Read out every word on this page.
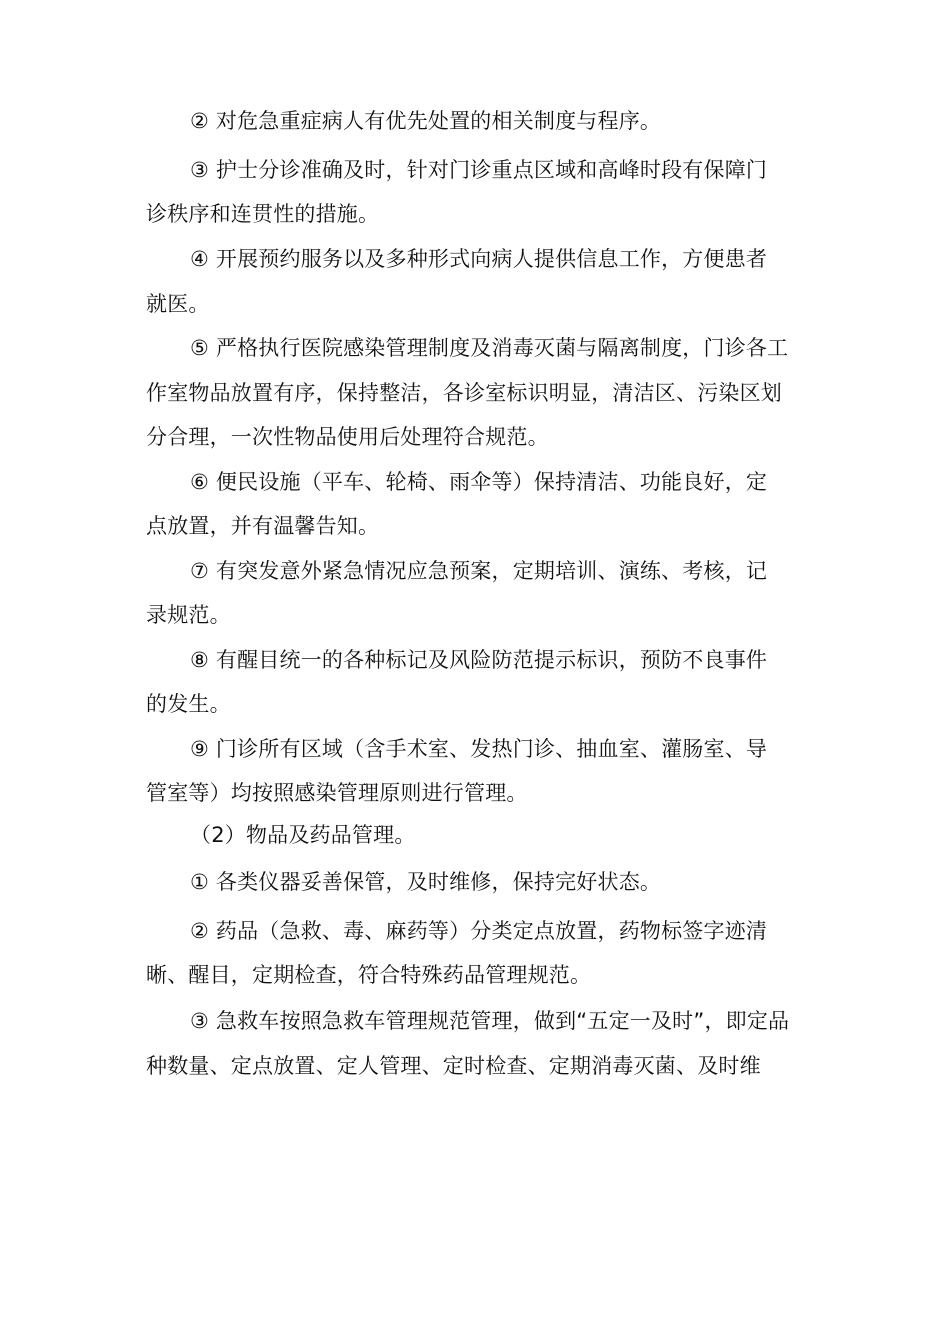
② 对危急重症病人有优先处置的相关制度与程序。
③ 护士分诊准确及时，针对门诊重点区域和高峰时段有保障门
诊秩序和连贯性的措施。
④ 开展预约服务以及多种形式向病人提供信息工作，方便患者
就医。
⑤ 严格执行医院感染管理制度及消毒灭菌与隔离制度，门诊各工
作室物品放置有序，保持整洁，各诊室标识明显，清洁区、污染区划
分合理，一次性物品使用后处理符合规范。
⑥ 便民设施（平车、轮椅、雨伞等）保持清洁、功能良好，定
点放置，并有温馨告知。
⑦ 有突发意外紧急情况应急预案，定期培训、演练、考核，记
录规范。
⑧ 有醒目统一的各种标记及风险防范提示标识，预防不良事件
的发生。
⑨ 门诊所有区域（含手术室、发热门诊、抽血室、灌肠室、导
管室等）均按照感染管理原则进行管理。
（2）物品及药品管理。
① 各类仪器妥善保管，及时维修，保持完好状态。
② 药品（急救、毒、麻药等）分类定点放置，药物标签字迹清
晰、醒目，定期检查，符合特殊药品管理规范。
③ 急救车按照急救车管理规范管理，做到“五定一及时”，即定品
种数量、定点放置、定人管理、定时检查、定期消毒灭菌、及时维
